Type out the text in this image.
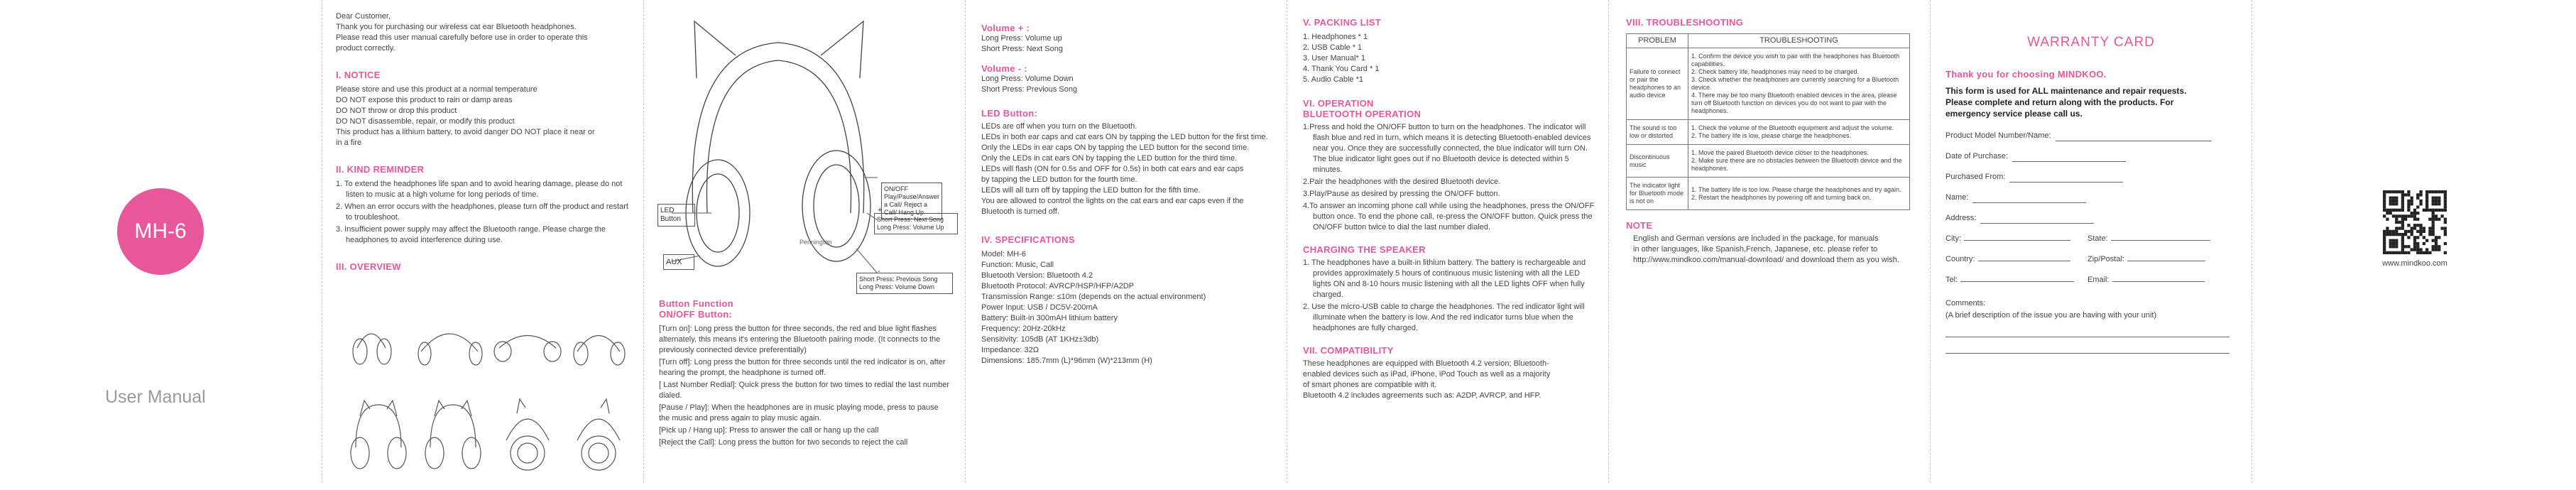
MH-6
User Manual
Dear Customer,
Thank you for purchasing our wireless cat ear Bluetooth headphones.
Please read this user manual carefully before use in order to operate this
product correctly.
I. NOTICE
Please store and use this product at a normal temperature
DO NOT expose this product to rain or damp areas
DO NOT throw or drop this product
DO NOT disassemble, repair, or modify this product
This product has a lithium battery, to avoid danger DO NOT place it near or
in a fire
II. KIND REMINDER
1. To extend the headphones life span and to avoid hearing damage, please do not listen to music at a high volume for long periods of time.
2. When an error occurs with the headphones, please turn off the product and restart to troubleshoot.
3. Insufficient power supply may affect the Bluetooth range. Please charge the headphones to avoid interference during use.
III. OVERVIEW
Pennington
ON/OFF Play/Pause/Answer a Call/ Reject a Call/ Hang Up
+
Short Press: Next Song Long Press: Volume Up
LED Button
AUX
-
Short Press: Previous Song Long Press: Volume Down
Button Function
ON/OFF Button:
[Turn on]: Long press the button for three seconds, the red and blue light flashes alternately, this means it's entering the Bluetooth pairing mode. (It connects to the previously connected device preferentially)
[Turn off]: Long press the button for three seconds until the red indicator is on, after hearing the prompt, the headphone is turned off.
[ Last Number Redial]: Quick press the button for two times to redial the last number dialed.
[Pause / Play]: When the headphones are in music playing mode, press to pause the music and press again to play music again.
[Pick up / Hang up]: Press to answer the call or hang up the call
[Reject the Call]: Long press the button for two seconds to reject the call
Volume + :
Long Press: Volume up
Short Press: Next Song
Volume - :
Long Press: Volume Down
Short Press: Previous Song
LED Button:
LEDs are off when you turn on the Bluetooth.
LEDs in both ear caps and cat ears ON by tapping the LED button for the first time.
Only the LEDs in ear caps ON by tapping the LED button for the second time.
Only the LEDs in cat ears ON by tapping the LED button for the third time.
LEDs will flash (ON for 0.5s and OFF for 0.5s) in both cat ears and ear caps
by tapping the LED button for the fourth time.
LEDs will all turn off by tapping the LED button for the fifth time.
You are allowed to control the lights on the cat ears and ear caps even if the
Bluetooth is turned off.
IV. SPECIFICATIONS
Model: MH-6
Function: Music, Call
Bluetooth Version: Bluetooth 4.2
Bluetooth Protocol: AVRCP/HSP/HFP/A2DP
Transmission Range: ≤10m (depends on the actual environment)
Power Input: USB / DC5V-200mA
Battery: Built-in 300mAH lithium battery
Frequency: 20Hz-20kHz
Sensitivity: 105dB (AT 1KHz±3db)
Impedance: 32Ω
Dimensions: 185.7mm (L)*96mm (W)*213mm (H)
V. PACKING LIST
1. Headphones * 1
2. USB Cable * 1
3. User Manual* 1
4. Thank You Card * 1
5. Audio Cable *1
VI. OPERATION
BLUETOOTH OPERATION
1.Press and hold the ON/OFF button to turn on the headphones. The indicator will flash blue and red in turn, which means it is detecting Bluetooth-enabled devices near you. Once they are successfully connected, the blue indicator will turn ON. The blue indicator light goes out if no Bluetooth device is detected within 5 minutes.
2.Pair the headphones with the desired Bluetooth device.
3.Play/Pause as desired by pressing the ON/OFF button.
4.To answer an incoming phone call while using the headphones, press the ON/OFF button once. To end the phone call, re-press the ON/OFF button. Quick press the ON/OFF button twice to dial the last number dialed.
CHARGING THE SPEAKER
1. The headphones have a built-in lithium battery. The battery is rechargeable and provides approximately 5 hours of continuous music listening with all the LED lights ON and 8-10 hours music listening with all the LED lights OFF when fully charged.
2. Use the micro-USB cable to charge the headphones. The red indicator light will illuminate when the battery is low. And the red indicator turns blue when the headphones are fully charged.
VII. COMPATIBILITY
These headphones are equipped with Bluetooth 4.2 version; Bluetooth-
enabled devices such as iPad, iPhone, iPod Touch as well as a majority
of smart phones are compatible with it.
Bluetooth 4.2 includes agreements such as: A2DP, AVRCP, and HFP.
VIII. TROUBLESHOOTING
PROBLEM	TROUBLESHOOTING
Failure to connect or pair the headphones to an audio device	1. Confirm the device you wish to pair with the headphones has Bluetooth capabilities.
2. Check battery life, headphones may need to be charged.
3. Check whether the headphones are currently searching for a Bluetooth device.
4. There may be too many Bluetooth enabled devices in the area, please turn off Bluetooth function on devices you do not want to pair with the headphones.

The sound is too low or distorted	1. Check the volume of the Bluetooth equipment and adjust the volume.
2. The battery life is low, please charge the headphones.

Discontinuous music	1. Move the paired Bluetooth device closer to the headphones.
2. Make sure there are no obstacles between the Bluetooth device and the headphones.

The indicator light for Bluetooth mode is not on	1. The battery life is too low. Please charge the headphones and try again.
2. Restart the headphones by powering off and turning back on.
NOTE
English and German versions are included in the package, for manuals
in other languages, like Spanish,French, Japanese, etc. please refer to
http://www.mindkoo.com/manual-download/ and download them as you wish.
WARRANTY CARD
Thank you for choosing MINDKOO.
This form is used for ALL maintenance and repair requests.
Please complete and return along with the products. For
emergency service please call us.
Product Model Number/Name:
Date of Purchase:
Purchased From:
Name:
Address:
City:	State:
Country:	Zip/Postal:
Tel:	Email:
Comments:
(A brief description of the issue you are having with your unit)
www.mindkoo.com
